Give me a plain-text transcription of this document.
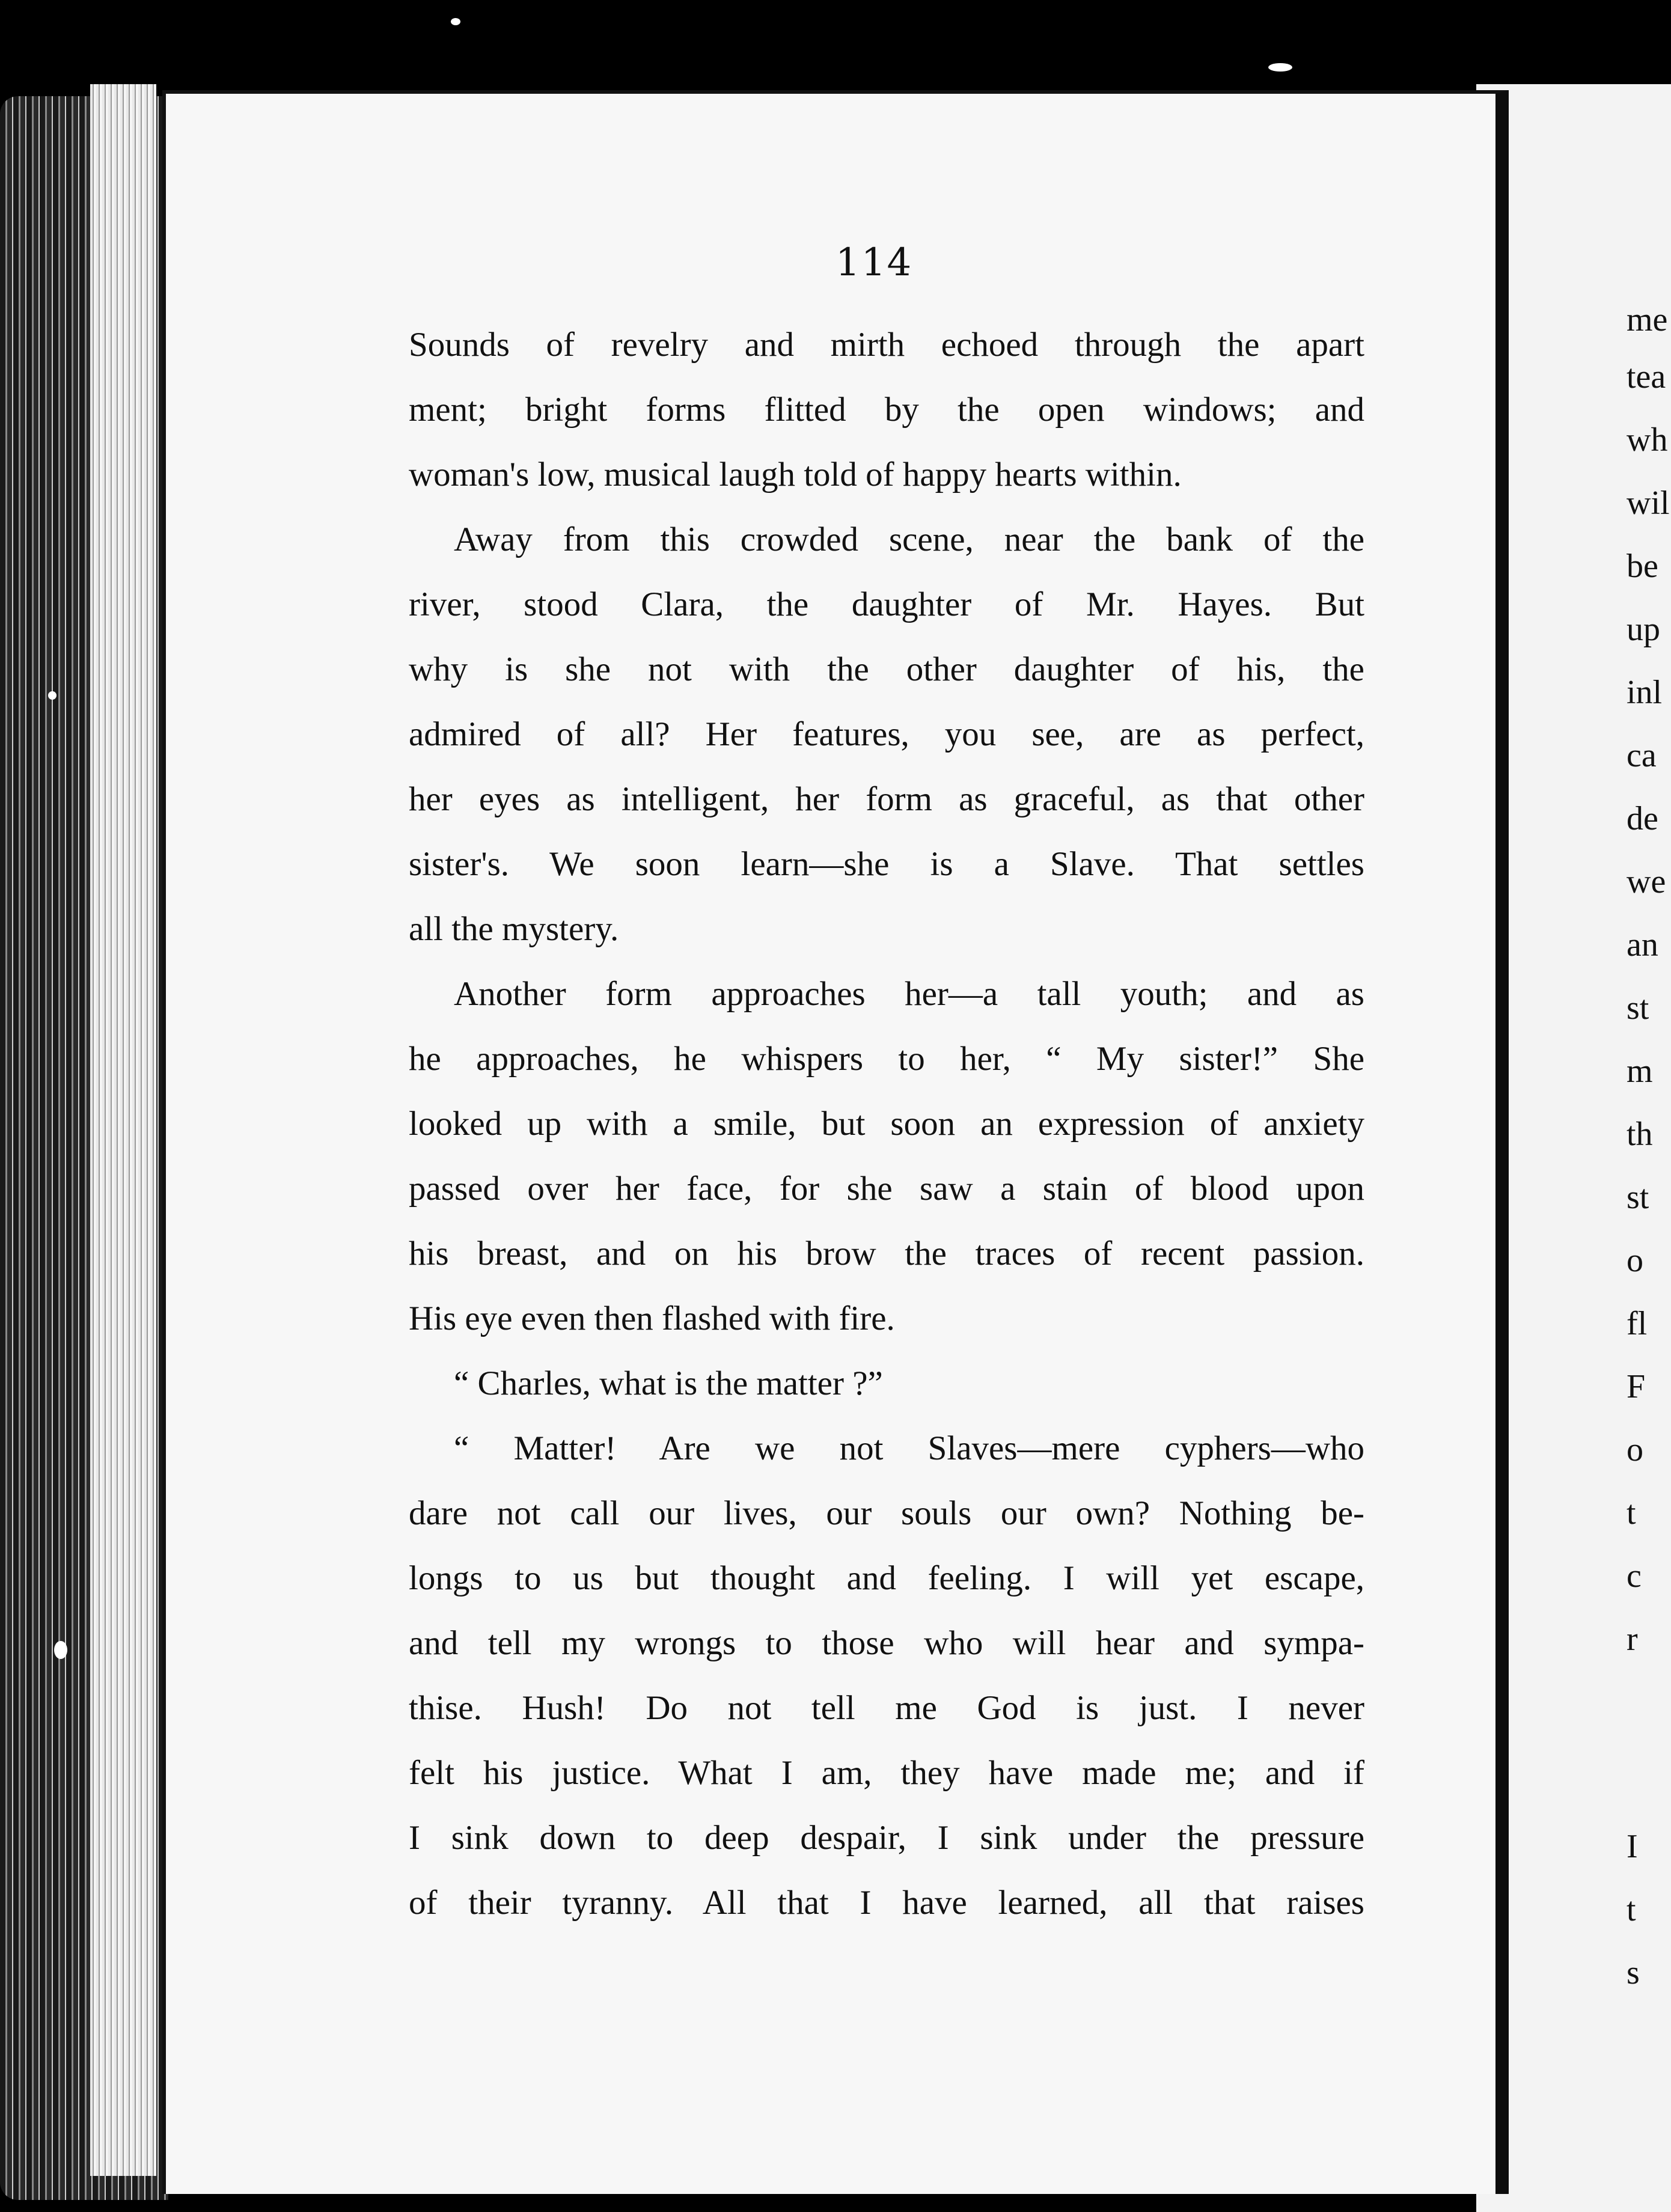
me
tea
wh
wil
be
up
inl
ca
de
we
an
st
m
th
st
o
fl
F
o
t
c
r
I
t
s
114
Sounds of revelry and mirth echoed through the apart
ment; bright forms flitted by the open windows; and
woman's low, musical laugh told of happy hearts within.
Away from this crowded scene, near the bank of the
river, stood Clara, the daughter of Mr. Hayes. But
why is she not with the other daughter of his, the
admired of all? Her features, you see, are as perfect,
her eyes as intelligent, her form as graceful, as that other
sister's. We soon learn—she is a Slave. That settles
all the mystery.
Another form approaches her—a tall youth; and as
he approaches, he whispers to her, “ My sister!” She
looked up with a smile, but soon an expression of anxiety
passed over her face, for she saw a stain of blood upon
his breast, and on his brow the traces of recent passion.
His eye even then flashed with fire.
“ Charles, what is the matter ?”
“ Matter! Are we not Slaves—mere cyphers—who
dare not call our lives, our souls our own? Nothing be-
longs to us but thought and feeling. I will yet escape,
and tell my wrongs to those who will hear and sympa-
thise. Hush! Do not tell me God is just. I never
felt his justice. What I am, they have made me; and if
I sink down to deep despair, I sink under the pressure
of their tyranny. All that I have learned, all that raises
